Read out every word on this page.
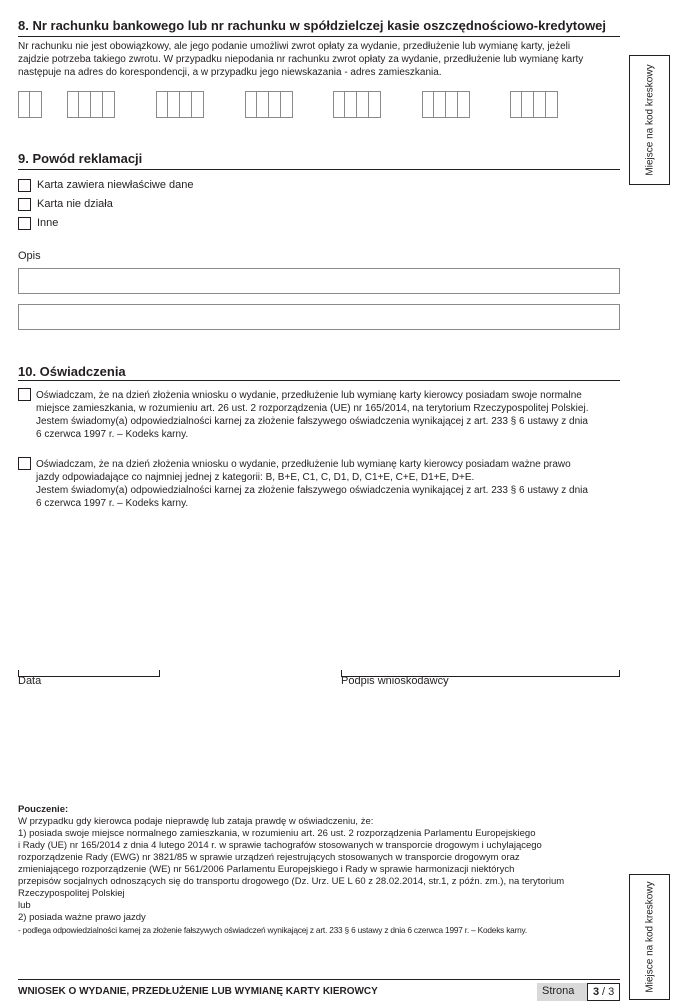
8. Nr rachunku bankowego lub nr rachunku w spółdzielczej kasie oszczędnościowo-kredytowej
Nr rachunku nie jest obowiązkowy, ale jego podanie umożliwi zwrot opłaty za wydanie, przedłużenie lub wymianę karty, jeżeli
zajdzie potrzeba takiego zwrotu. W przypadku niepodania nr rachunku zwrot opłaty za wydanie, przedłużenie lub wymianę karty
następuje na adres do korespondencji, a w przypadku jego niewskazania - adres zamieszkania.	Miejsce na kod kreskowy
9. Powód reklamacji
Karta zawiera niewłaściwe dane
Karta nie działa
Inne
Opis
10. Oświadczenia
Oświadczam, że na dzień złożenia wniosku o wydanie, przedłużenie lub wymianę karty kierowcy posiadam swoje normalne
miejsce zamieszkania, w rozumieniu art. 26 ust. 2 rozporządzenia (UE) nr 165/2014, na terytorium Rzeczypospolitej Polskiej.
Jestem świadomy(a) odpowiedzialności karnej za złożenie fałszywego oświadczenia wynikającej z art. 233 § 6 ustawy z dnia
6 czerwca 1997 r. – Kodeks karny.
Oświadczam, że na dzień złożenia wniosku o wydanie, przedłużenie lub wymianę karty kierowcy posiadam ważne prawo
jazdy odpowiadające co najmniej jednej z kategorii: B, B+E, C1, C, D1, D, C1+E, C+E, D1+E, D+E.
Jestem świadomy(a) odpowiedzialności karnej za złożenie fałszywego oświadczenia wynikającej z art. 233 § 6 ustawy z dnia
6 czerwca 1997 r. – Kodeks karny.
Data	Podpis wnioskodawcy
Pouczenie:
W przypadku gdy kierowca podaje nieprawdę lub zataja prawdę w oświadczeniu, że:
1) posiada swoje miejsce normalnego zamieszkania, w rozumieniu art. 26 ust. 2 rozporządzenia Parlamentu Europejskiego
i Rady (UE) nr 165/2014 z dnia 4 lutego 2014 r. w sprawie tachografów stosowanych w transporcie drogowym i uchylającego
rozporządzenie Rady (EWG) nr 3821/85 w sprawie urządzeń rejestrujących stosowanych w transporcie drogowym oraz
zmieniającego rozporządzenie (WE) nr 561/2006 Parlamentu Europejskiego i Rady w sprawie harmonizacji niektórych
przepisów socjalnych odnoszących się do transportu drogowego (Dz. Urz. UE L 60 z 28.02.2014, str.1, z późn. zm.), na terytorium
Rzeczypospolitej Polskiej
lub
2) posiada ważne prawo jazdy
- podlega odpowiedzialności karnej za złożenie fałszywych oświadczeń wynikającej z art. 233 § 6 ustawy z dnia 6 czerwca 1997 r. – Kodeks karny.	Miejsce na kod kreskowy
WNIOSEK O WYDANIE, PRZEDŁUŻENIE LUB WYMIANĘ KARTY KIEROWCY	Strona 3 / 3
